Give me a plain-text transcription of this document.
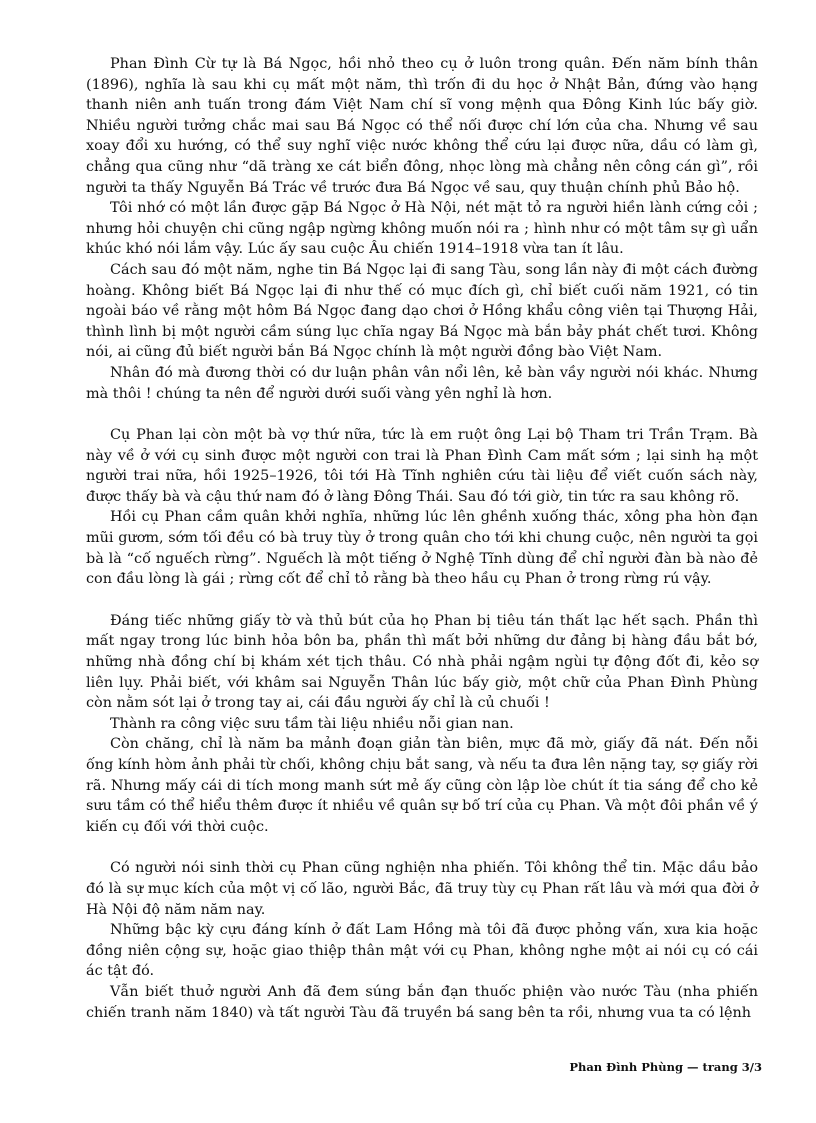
Phan Đình Cừ tự là Bá Ngọc, hồi nhỏ theo cụ ở luôn trong quân. Đến năm bính thân (1896), nghĩa là sau khi cụ mất một năm, thì trốn đi du học ở Nhật Bản, đứng vào hạng thanh niên anh tuấn trong đám Việt Nam chí sĩ vong mệnh qua Đông Kinh lúc bấy giờ. Nhiều người tưởng chắc mai sau Bá Ngọc có thể nối được chí lớn của cha. Nhưng về sau xoay đổi xu hướng, có thể suy nghĩ việc nước không thể cứu lại được nữa, dầu có làm gì, chẳng qua cũng như “dã tràng xe cát biển đông, nhọc lòng mà chẳng nên công cán gì”, rồi người ta thấy Nguyễn Bá Trác về trước đưa Bá Ngọc về sau, quy thuận chính phủ Bảo hộ.

Tôi nhớ có một lần được gặp Bá Ngọc ở Hà Nội, nét mặt tỏ ra người hiền lành cứng cỏi ; nhưng hỏi chuyện chi cũng ngập ngừng không muốn nói ra ; hình như có một tâm sự gì uẩn khúc khó nói lắm vậy. Lúc ấy sau cuộc Âu chiến 1914–1918 vừa tan ít lâu.

Cách sau đó một năm, nghe tin Bá Ngọc lại đi sang Tàu, song lần này đi một cách đường hoàng. Không biết Bá Ngọc lại đi như thế có mục đích gì, chỉ biết cuối năm 1921, có tin ngoài báo về rằng một hôm Bá Ngọc đang dạo chơi ở Hồng khẩu công viên tại Thượng Hải, thình lình bị một người cầm súng lục chĩa ngay Bá Ngọc mà bắn bảy phát chết tươi. Không nói, ai cũng đủ biết người bắn Bá Ngọc chính là một người đồng bào Việt Nam.

Nhân đó mà đương thời có dư luận phân vân nổi lên, kẻ bàn vầy người nói khác. Nhưng mà thôi ! chúng ta nên để người dưới suối vàng yên nghỉ là hơn.

Cụ Phan lại còn một bà vợ thứ nữa, tức là em ruột ông Lại bộ Tham tri Trần Trạm. Bà này về ở với cụ sinh được một người con trai là Phan Đình Cam mất sớm ; lại sinh hạ một người trai nữa, hồi 1925–1926, tôi tới Hà Tĩnh nghiên cứu tài liệu để viết cuốn sách này, được thấy bà và cậu thứ nam đó ở làng Đông Thái. Sau đó tới giờ, tin tức ra sau không rõ.

Hồi cụ Phan cầm quân khởi nghĩa, những lúc lên ghềnh xuống thác, xông pha hòn đạn mũi gươm, sớm tối đều có bà truy tùy ở trong quân cho tới khi chung cuộc, nên người ta gọi bà là “cố nguếch rừng”. Nguếch là một tiếng ở Nghệ Tĩnh dùng để chỉ người đàn bà nào đẻ con đầu lòng là gái ; rừng cốt để chỉ tỏ rằng bà theo hầu cụ Phan ở trong rừng rú vậy.

Đáng tiếc những giấy tờ và thủ bút của họ Phan bị tiêu tán thất lạc hết sạch. Phần thì mất ngay trong lúc binh hỏa bôn ba, phần thì mất bởi những dư đảng bị hàng đầu bắt bớ, những nhà đồng chí bị khám xét tịch thâu. Có nhà phải ngậm ngùi tự động đốt đi, kẻo sợ liên lụy. Phải biết, với khâm sai Nguyễn Thân lúc bấy giờ, một chữ của Phan Đình Phùng còn nằm sót lại ở trong tay ai, cái đầu người ấy chỉ là củ chuối !

Thành ra công việc sưu tầm tài liệu nhiều nỗi gian nan.

Còn chăng, chỉ là năm ba mảnh đoạn giản tàn biên, mực đã mờ, giấy đã nát. Đến nỗi ống kính hòm ảnh phải từ chối, không chịu bắt sang, và nếu ta đưa lên nặng tay, sợ giấy rời rã. Nhưng mấy cái di tích mong manh sứt mẻ ấy cũng còn lập lòe chút ít tia sáng để cho kẻ sưu tầm có thể hiểu thêm được ít nhiều về quân sự bố trí của cụ Phan. Và một đôi phần về ý kiến cụ đối với thời cuộc.

Có người nói sinh thời cụ Phan cũng nghiện nha phiến. Tôi không thể tin. Mặc dầu bảo đó là sự mục kích của một vị cố lão, người Bắc, đã truy tùy cụ Phan rất lâu và mới qua đời ở Hà Nội độ năm năm nay.

Những bậc kỳ cựu đáng kính ở đất Lam Hồng mà tôi đã được phỏng vấn, xưa kia hoặc đồng niên cộng sự, hoặc giao thiệp thân mật với cụ Phan, không nghe một ai nói cụ có cái ác tật đó.

Vẫn biết thuở người Anh đã đem súng bắn đạn thuốc phiện vào nước Tàu (nha phiến chiến tranh năm 1840) và tất người Tàu đã truyền bá sang bên ta rồi, nhưng vua ta có lệnh

Phan Đình Phùng — trang 3/3
